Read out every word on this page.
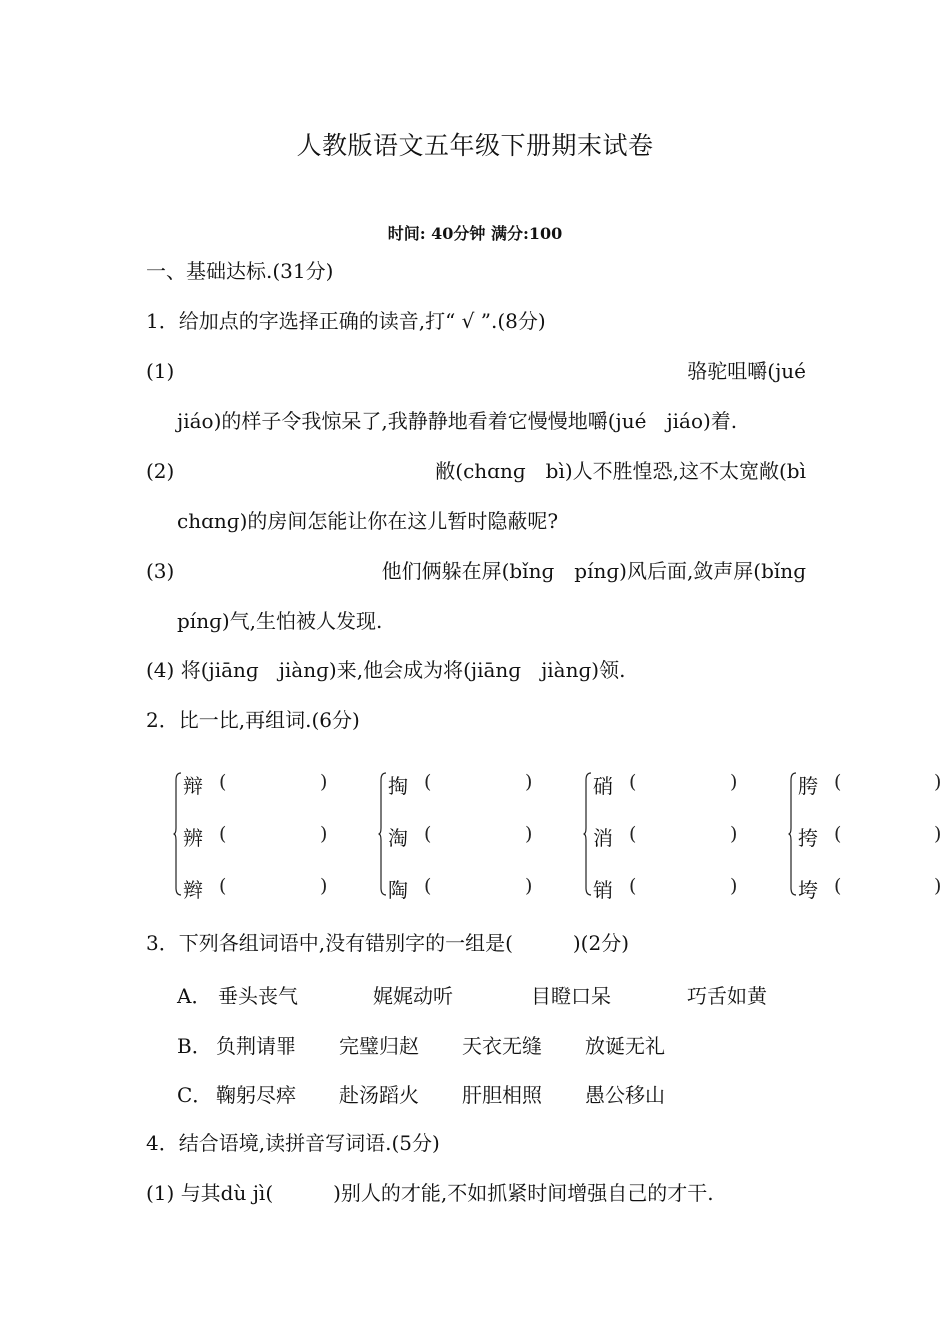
人教版语文五年级下册期末试卷
时间: 40分钟 满分:100
一、基础达标.(31分)
1．给加点的字选择正确的读音,打“ √ ”.(8分)
(1)	骆驼咀嚼(jué
jiáo)的样子令我惊呆了,我静静地看着它慢慢地嚼(jué　jiáo)着.
(2)	敝(chɑnɡ　bì)人不胜惶恐,这不太宽敞(bì
chɑnɡ)的房间怎能让你在这儿暂时隐蔽呢?
(3)	他们俩躲在屏(bǐnɡ　pínɡ)风后面,敛声屏(bǐnɡ
pínɡ)气,生怕被人发现.
(4) 将(jiānɡ　jiànɡ)来,他会成为将(jiānɡ　jiànɡ)领.
2．比一比,再组词.(6分)
辩 (	)
辨 (	)
辫 (	)
掏 (	)
淘 (	)
陶 (	)
硝 (	)
消 (	)
销 (	)
胯 (	)
挎 (	)
垮 (	)
3．下列各组词语中,没有错别字的一组是(　　　)(2分)
A． 垂头丧气	娓娓动听	目瞪口呆	巧舌如黄
B． 负荆请罪 完璧归赵 天衣无缝 放诞无礼
C． 鞠躬尽瘁 赴汤蹈火 肝胆相照 愚公移山
4．结合语境,读拼音写词语.(5分)
(1) 与其dù jì(　　　)别人的才能,不如抓紧时间增强自己的才干.
